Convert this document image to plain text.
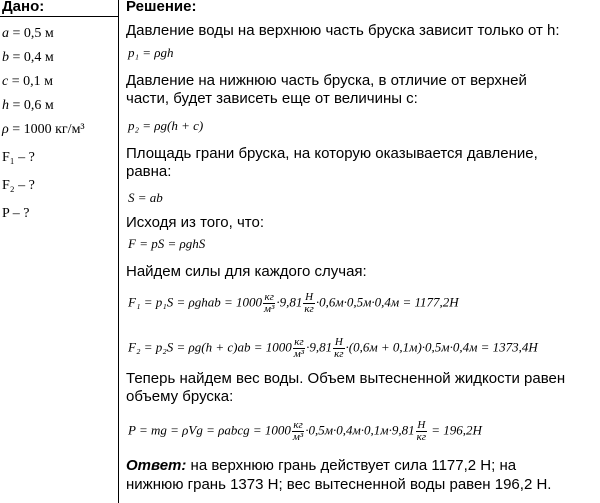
Дано:
a = 0,5 м
b = 0,4 м
c = 0,1 м
h = 0,6 м
ρ = 1000 кг/м³
F₁ – ?
F₂ – ?
P – ?
Решение:
Давление воды на верхнюю часть бруска зависит только от h:
p₁ = ρgh
Давление на нижнюю часть бруска, в отличие от верхней
части, будет зависеть еще от величины с:
p₂ = ρg(h + c)
Площадь грани бруска, на которую оказывается давление,
равна:
S = ab
Исходя из того, что:
F = pS = ρghS
Найдем силы для каждого случая:
F₁ = p₁S = ρghab = $1000 \frac{кг}{\text{м³}} \cdot 9,81 \frac{Н}{кг} \cdot 0,6м\cdot 0,5м\cdot 0,4м = 1177,2Н$
$F_2 = p_2S = \rho g(h + c)ab = 1000 \frac{кг}{\text{м³}} \cdot 9,81 \frac{Н}{кг} \cdot(0,6м + 0,1м)\cdot 0,5м\cdot 0,4м = 1373,4Н$
Теперь найдем вес воды. Объем вытесненной жидкости равен
объему бруска:
P = mg = ρVg = ρabcg = $1000 \frac{кг}{\text{м³}} \cdot 0,5м\cdot 0,4м\cdot 0,1м\cdot 9,81 \frac{Н}{кг} = 196,2Н$
Ответ: на верхнюю грань действует сила 1177,2 Н; на
нижнюю грань 1373 Н; вес вытесненной воды равен 196,2 Н.
